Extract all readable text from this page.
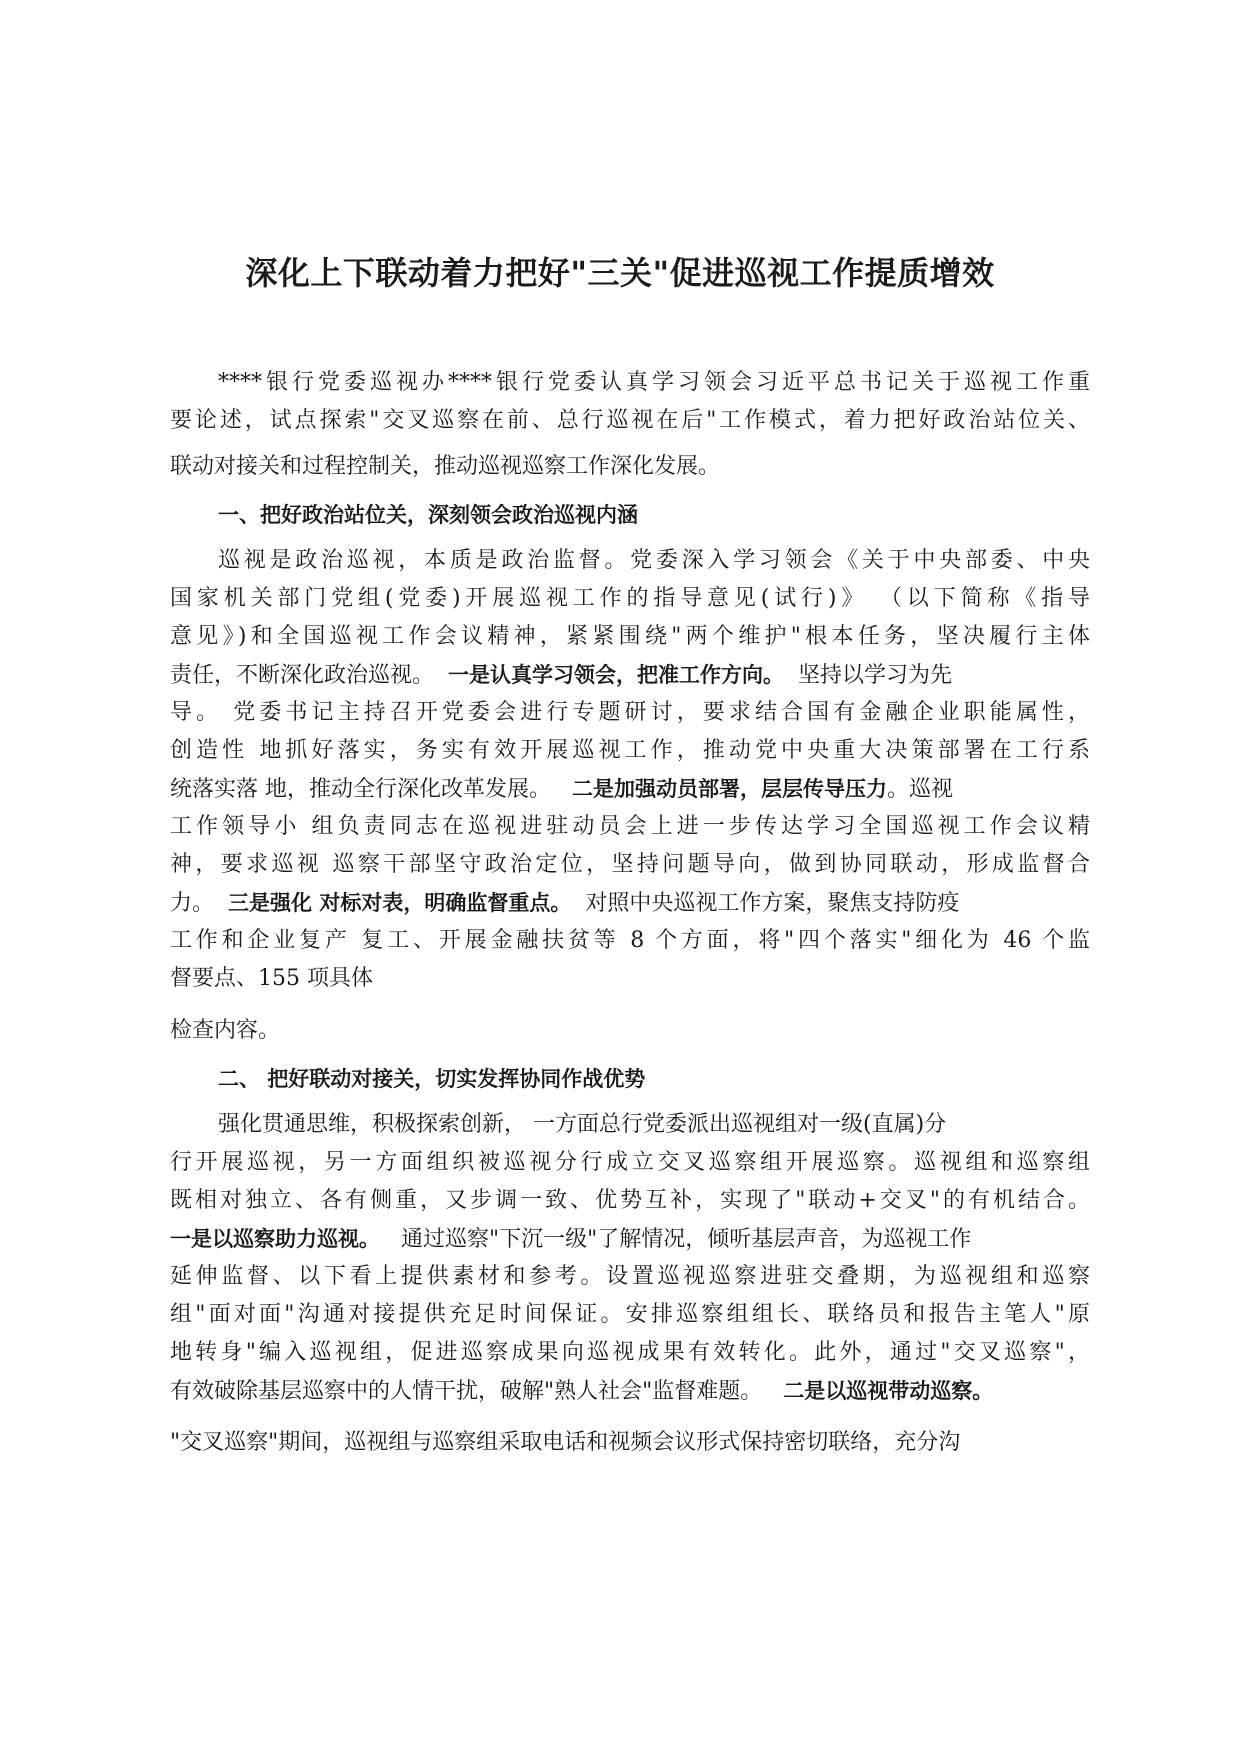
深化上下联动着力把好"三关"促进巡视工作提质增效
****银行党委巡视办****银行党委认真学习领会习近平总书记关于巡视工作重
要论述，试点探索"交叉巡察在前、总行巡视在后"工作模式，着力把好政治站位关、
联动对接关和过程控制关，推动巡视巡察工作深化发展。
一、把好政治站位关，深刻领会政治巡视内涵
巡视是政治巡视，本质是政治监督。党委深入学习领会《关于中央部委、中央
国家机关部门党组(党委)开展巡视工作的指导意见(试行)》 （以下简称《指导
意见》)和全国巡视工作会议精神，紧紧围绕"两个维护"根本任务，坚决履行主体
责任，不断深化政治巡视。 一是认真学习领会，把准工作方向。 坚持以学习为先
导。 党委书记主持召开党委会进行专题研讨，要求结合国有金融企业职能属性，
创造性 地抓好落实，务实有效开展巡视工作，推动党中央重大决策部署在工行系
统落实落 地，推动全行深化改革发展。 二是加强动员部署，层层传导压力。巡视
工作领导小 组负责同志在巡视进驻动员会上进一步传达学习全国巡视工作会议精
神，要求巡视 巡察干部坚守政治定位，坚持问题导向，做到协同联动，形成监督合
力。 三是强化 对标对表，明确监督重点。 对照中央巡视工作方案，聚焦支持防疫
工作和企业复产 复工、开展金融扶贫等 8 个方面，将"四个落实"细化为 46 个监
督要点、155 项具体
检查内容。
二、 把好联动对接关，切实发挥协同作战优势
强化贯通思维，积极探索创新， 一方面总行党委派出巡视组对一级(直属)分
行开展巡视，另一方面组织被巡视分行成立交叉巡察组开展巡察。巡视组和巡察组
既相对独立、各有侧重，又步调一致、优势互补，实现了"联动+交叉"的有机结合。
一是以巡察助力巡视。 通过巡察"下沉一级"了解情况，倾听基层声音，为巡视工作
延伸监督、以下看上提供素材和参考。设置巡视巡察进驻交叠期，为巡视组和巡察
组"面对面"沟通对接提供充足时间保证。安排巡察组组长、联络员和报告主笔人"原
地转身"编入巡视组，促进巡察成果向巡视成果有效转化。此外，通过"交叉巡察"，
有效破除基层巡察中的人情干扰，破解"熟人社会"监督难题。 二是以巡视带动巡察。
"交叉巡察"期间，巡视组与巡察组采取电话和视频会议形式保持密切联络，充分沟
